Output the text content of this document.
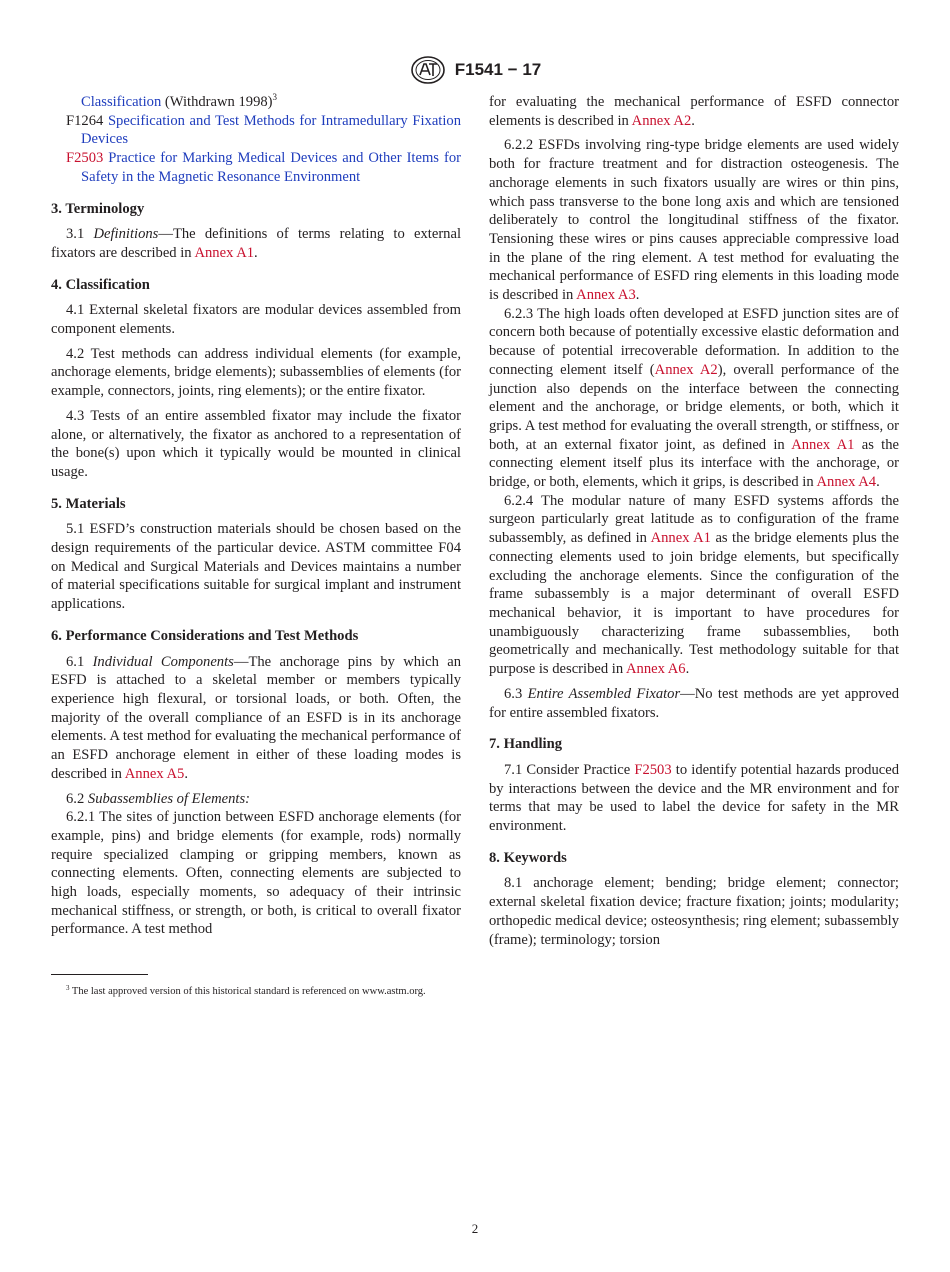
F1541 − 17

Classification (Withdrawn 1998)$^3$

F1264 Specification and Test Methods for Intramedullary Fixation Devices

F2503 Practice for Marking Medical Devices and Other Items for Safety in the Magnetic Resonance Environment

3. Terminology

3.1 Definitions—The definitions of terms relating to external fixators are described in Annex A1.

4. Classification

4.1 External skeletal fixators are modular devices assembled from component elements.

4.2 Test methods can address individual elements (for example, anchorage elements, bridge elements); subassemblies of elements (for example, connectors, joints, ring elements); or the entire fixator.

4.3 Tests of an entire assembled fixator may include the fixator alone, or alternatively, the fixator as anchored to a representation of the bone(s) upon which it typically would be mounted in clinical usage.

5. Materials

5.1 ESFD’s construction materials should be chosen based on the design requirements of the particular device. ASTM committee F04 on Medical and Surgical Materials and Devices maintains a number of material specifications suitable for surgical implant and instrument applications.

6. Performance Considerations and Test Methods

6.1 Individual Components—The anchorage pins by which an ESFD is attached to a skeletal member or members typically experience high flexural, or torsional loads, or both. Often, the majority of the overall compliance of an ESFD is in its anchorage elements. A test method for evaluating the mechanical performance of an ESFD anchorage element in either of these loading modes is described in Annex A5.

6.2 Subassemblies of Elements:

6.2.1 The sites of junction between ESFD anchorage elements (for example, pins) and bridge elements (for example, rods) normally require specialized clamping or gripping members, known as connecting elements. Often, connecting elements are subjected to high loads, especially moments, so adequacy of their intrinsic mechanical stiffness, or strength, or both, is critical to overall fixator performance. A test method

for evaluating the mechanical performance of ESFD connector elements is described in Annex A2.

6.2.2 ESFDs involving ring-type bridge elements are used widely both for fracture treatment and for distraction osteogenesis. The anchorage elements in such fixators usually are wires or thin pins, which pass transverse to the bone long axis and which are tensioned deliberately to control the longitudinal stiffness of the fixator. Tensioning these wires or pins causes appreciable compressive load in the plane of the ring element. A test method for evaluating the mechanical performance of ESFD ring elements in this loading mode is described in Annex A3.

6.2.3 The high loads often developed at ESFD junction sites are of concern both because of potentially excessive elastic deformation and because of potential irrecoverable deformation. In addition to the connecting element itself (Annex A2), overall performance of the junction also depends on the interface between the connecting element and the anchorage, or bridge elements, or both, which it grips. A test method for evaluating the overall strength, or stiffness, or both, at an external fixator joint, as defined in Annex A1 as the connecting element itself plus its interface with the anchorage, or bridge, or both, elements, which it grips, is described in Annex A4.

6.2.4 The modular nature of many ESFD systems affords the surgeon particularly great latitude as to configuration of the frame subassembly, as defined in Annex A1 as the bridge elements plus the connecting elements used to join bridge elements, but specifically excluding the anchorage elements. Since the configuration of the frame subassembly is a major determinant of overall ESFD mechanical behavior, it is important to have procedures for unambiguously characterizing frame subassemblies, both geometrically and mechanically. Test methodology suitable for that purpose is described in Annex A6.

6.3 Entire Assembled Fixator—No test methods are yet approved for entire assembled fixators.

7. Handling

7.1 Consider Practice F2503 to identify potential hazards produced by interactions between the device and the MR environment and for terms that may be used to label the device for safety in the MR environment.

8. Keywords

8.1 anchorage element; bending; bridge element; connector; external skeletal fixation device; fracture fixation; joints; modularity; orthopedic medical device; osteosynthesis; ring element; subassembly (frame); terminology; torsion

$^3$ The last approved version of this historical standard is referenced on www.astm.org.

2
